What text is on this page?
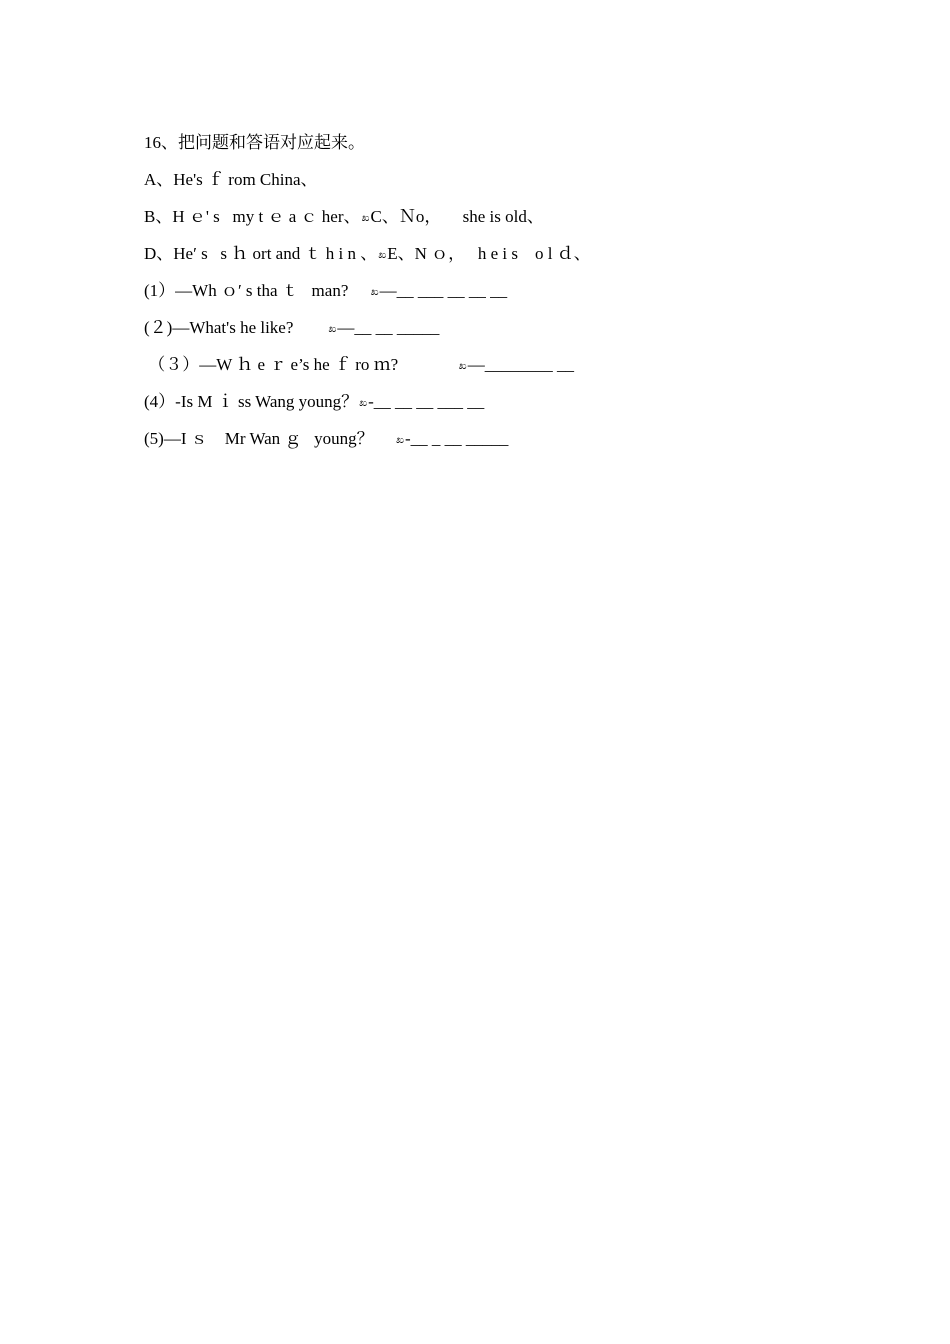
16、把问题和答语对应起来。
A、He's ｆ rom China、
B、H ｅ' s   my t ｅ a ｃ her、ಖC、Ｎo，     she is old、
D、He′ s   s ｈ ort and ｔ h i n 、ಖE、N ｏ，   h e i s    o l ｄ、
(1）—Wh ｏ′ s tha ｔ   man?     ಖ—__ ___ __ __ __
(２)—What's he like?        ಖ—__ __ _____
（３）—W ｈ e ｒ e’s he ｆ ro ｍ?              ಖ—________ __
(4）-Is M ｉ ss Wang young？ಖ-__ __ __ ___ __
(5)—I ｓ    Mr Wan ｇ   young？     ಖ-__ _ __ _____
